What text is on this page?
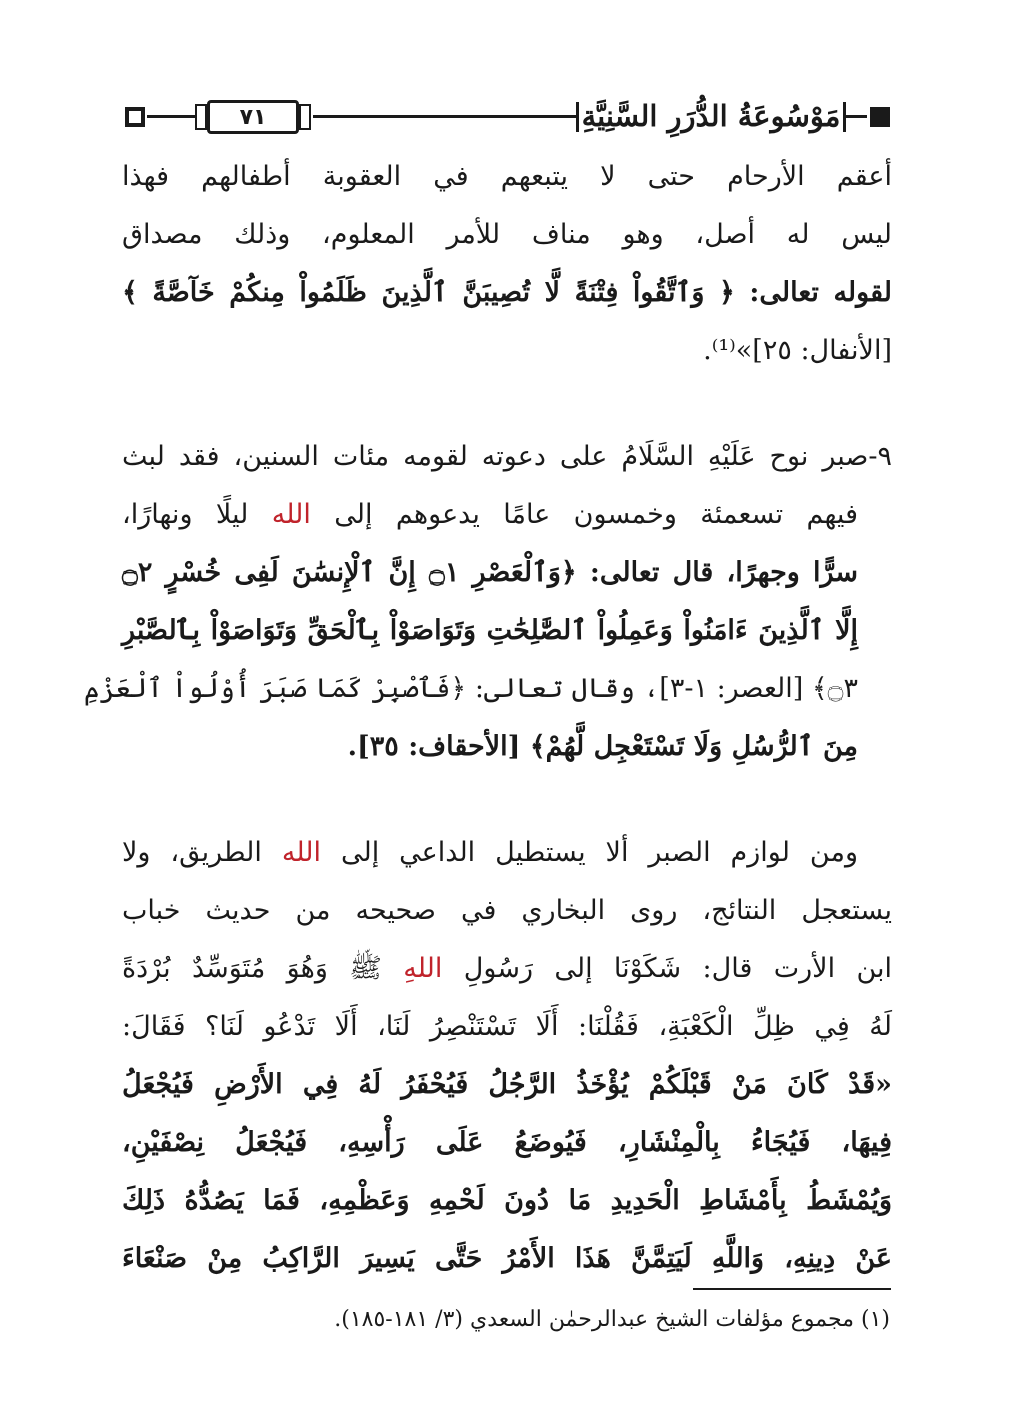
٧١	مَوْسُوعَةُ الدُّرَرِ السَّنِيَّةِ
أعقم الأرحام حتى لا يتبعهم في العقوبة أطفالهم فهذا
ليس له أصل، وهو مناف للأمر المعلوم، وذلك مصداق
لقوله تعالى: ﴿ وَٱتَّقُواْ فِتْنَةً لَّا تُصِيبَنَّ ٱلَّذِينَ ظَلَمُواْ مِنكُمْ خَآصَّةً ﴾
[الأنفال: ٢٥]»⁽¹⁾.
٩-صبر نوح عَلَيْهِ السَّلَامُ على دعوته لقومه مئات السنين، فقد لبث
فيهم تسعمئة وخمسون عامًا يدعوهم إلى الله ليلًا ونهارًا،
سرًّا وجهرًا، قال تعالى: ﴿وَٱلْعَصْرِ ۝١ إِنَّ ٱلْإِنسَٰنَ لَفِى خُسْرٍ ۝٢
إِلَّا ٱلَّذِينَ ءَامَنُواْ وَعَمِلُواْ ٱلصَّٰلِحَٰتِ وَتَوَاصَوْاْ بِٱلْحَقِّ وَتَوَاصَوْاْ بِٱلصَّبْرِ
۝٣﴾ [العصر: ١-٣]، وقال تعالى: ﴿فَٱصْبِرْ كَمَا صَبَرَ أُوْلُواْ ٱلْعَزْمِ
مِنَ ٱلرُّسُلِ وَلَا تَسْتَعْجِل لَّهُمْ﴾ [الأحقاف: ٣٥].
ومن لوازم الصبر ألا يستطيل الداعي إلى الله الطريق، ولا
يستعجل النتائج، روى البخاري في صحيحه من حديث خباب
ابن الأرت قال: شَكَوْنَا إلى رَسُولِ اللهِ ﷺ وَهُوَ مُتَوَسِّدٌ بُرْدَةً
لَهُ فِي ظِلِّ الْكَعْبَةِ، فَقُلْنَا: أَلَا تَسْتَنْصِرُ لَنَا، أَلَا تَدْعُو لَنَا؟ فَقَالَ:
«قَدْ كَانَ مَنْ قَبْلَكُمْ يُؤْخَذُ الرَّجُلُ فَيُحْفَرُ لَهُ فِي الأَرْضِ فَيُجْعَلُ
فِيهَا، فَيُجَاءُ بِالْمِنْشَارِ، فَيُوضَعُ عَلَى رَأْسِهِ، فَيُجْعَلُ نِصْفَيْنِ،
وَيُمْشَطُ بِأَمْشَاطِ الْحَدِيدِ مَا دُونَ لَحْمِهِ وَعَظْمِهِ، فَمَا يَصُدُّهُ ذَلِكَ
عَنْ دِينِهِ، وَاللَّهِ لَيَتِمَّنَّ هَذَا الأَمْرُ حَتَّى يَسِيرَ الرَّاكِبُ مِنْ صَنْعَاءَ
(١) مجموع مؤلفات الشيخ عبدالرحمٰن السعدي (٣/ ١٨١-١٨٥).
